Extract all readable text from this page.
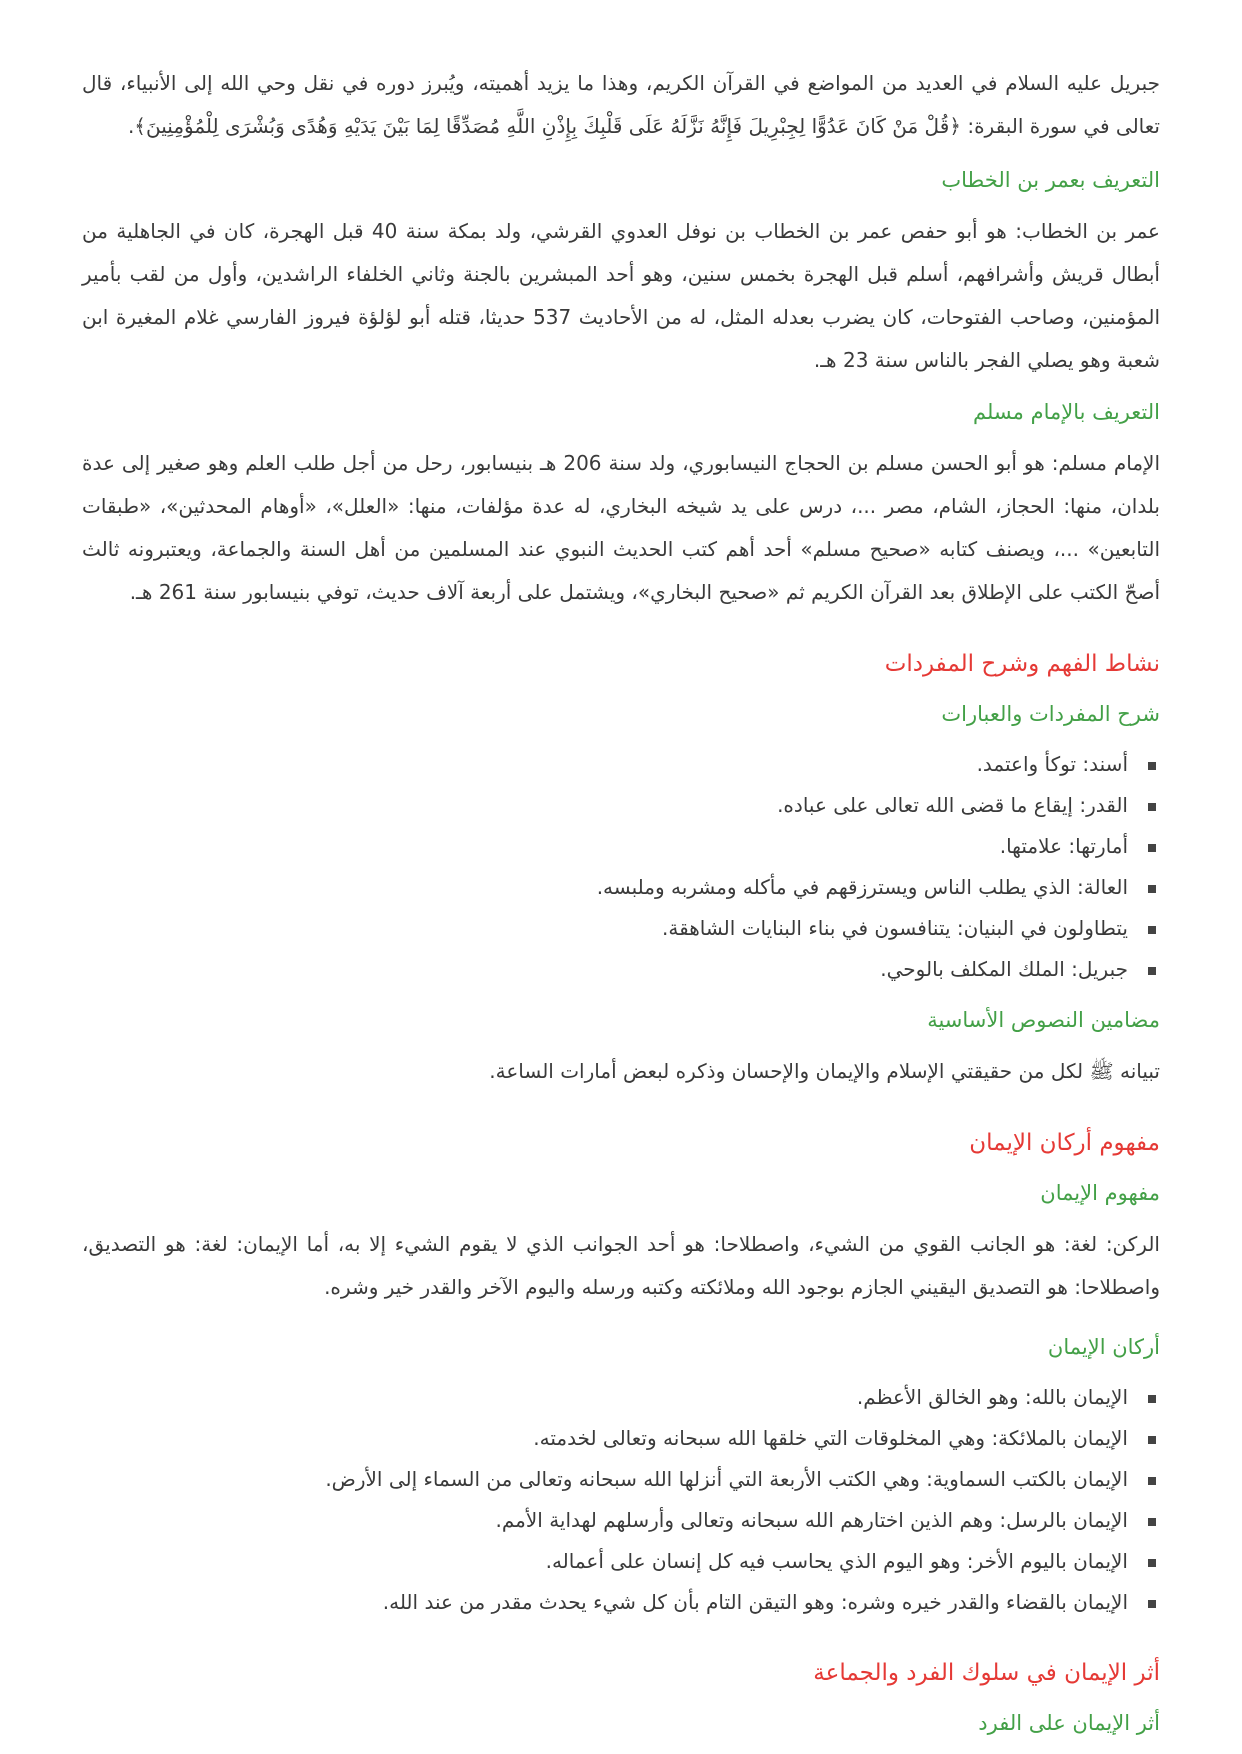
جبريل عليه السلام في العديد من المواضع في القرآن الكريم، وهذا ما يزيد أهميته، ويُبرز دوره في نقل وحي الله إلى الأنبياء، قال تعالى في سورة البقرة: ﴿قُلْ مَنْ كَانَ عَدُوًّا لِجِبْرِيلَ فَإِنَّهُ نَزَّلَهُ عَلَى قَلْبِكَ بِإِذْنِ اللَّهِ مُصَدِّقًا لِمَا بَيْنَ يَدَيْهِ وَهُدًى وَبُشْرَى لِلْمُؤْمِنِينَ﴾.

التعريف بعمر بن الخطاب

عمر بن الخطاب: هو أبو حفص عمر بن الخطاب بن نوفل العدوي القرشي، ولد بمكة سنة 40 قبل الهجرة، كان في الجاهلية من أبطال قريش وأشرافهم، أسلم قبل الهجرة بخمس سنين، وهو أحد المبشرين بالجنة وثاني الخلفاء الراشدين، وأول من لقب بأمير المؤمنين، وصاحب الفتوحات، كان يضرب بعدله المثل، له من الأحاديث 537 حديثا، قتله أبو لؤلؤة فيروز الفارسي غلام المغيرة ابن شعبة وهو يصلي الفجر بالناس سنة 23 هـ.

التعريف بالإمام مسلم

الإمام مسلم: هو أبو الحسن مسلم بن الحجاج النيسابوري، ولد سنة 206 هـ بنيسابور، رحل من أجل طلب العلم وهو صغير إلى عدة بلدان، منها: الحجاز، الشام، مصر ...، درس على يد شيخه البخاري، له عدة مؤلفات، منها: «العلل»، «أوهام المحدثين»، «طبقات التابعين» ...، ويصنف كتابه «صحيح مسلم» أحد أهم كتب الحديث النبوي عند المسلمين من أهل السنة والجماعة، ويعتبرونه ثالث أصحّ الكتب على الإطلاق بعد القرآن الكريم ثم «صحيح البخاري»، ويشتمل على أربعة آلاف حديث، توفي بنيسابور سنة 261 هـ.

نشاط الفهم وشرح المفردات
شرح المفردات والعبارات
أسند: توكأ واعتمد.
القدر: إيقاع ما قضى الله تعالى على عباده.
أمارتها: علامتها.
العالة: الذي يطلب الناس ويسترزقهم في مأكله ومشربه وملبسه.
يتطاولون في البنيان: يتنافسون في بناء البنايات الشاهقة.
جبريل: الملك المكلف بالوحي.
مضامين النصوص الأساسية

تبيانه ﷺ لكل من حقيقتي الإسلام والإيمان والإحسان وذكره لبعض أمارات الساعة.

مفهوم أركان الإيمان
مفهوم الإيمان

الركن: لغة: هو الجانب القوي من الشيء، واصطلاحا: هو أحد الجوانب الذي لا يقوم الشيء إلا به، أما الإيمان: لغة: هو التصديق، واصطلاحا: هو التصديق اليقيني الجازم بوجود الله وملائكته وكتبه ورسله واليوم الآخر والقدر خير وشره.

أركان الإيمان
الإيمان بالله: وهو الخالق الأعظم.
الإيمان بالملائكة: وهي المخلوقات التي خلقها الله سبحانه وتعالى لخدمته.
الإيمان بالكتب السماوية: وهي الكتب الأربعة التي أنزلها الله سبحانه وتعالى من السماء إلى الأرض.
الإيمان بالرسل: وهم الذين اختارهم الله سبحانه وتعالى وأرسلهم لهداية الأمم.
الإيمان باليوم الأخر: وهو اليوم الذي يحاسب فيه كل إنسان على أعماله.
الإيمان بالقضاء والقدر خيره وشره: وهو التيقن التام بأن كل شيء يحدث مقدر من عند الله.
أثر الإيمان في سلوك الفرد والجماعة
أثر الإيمان على الفرد
